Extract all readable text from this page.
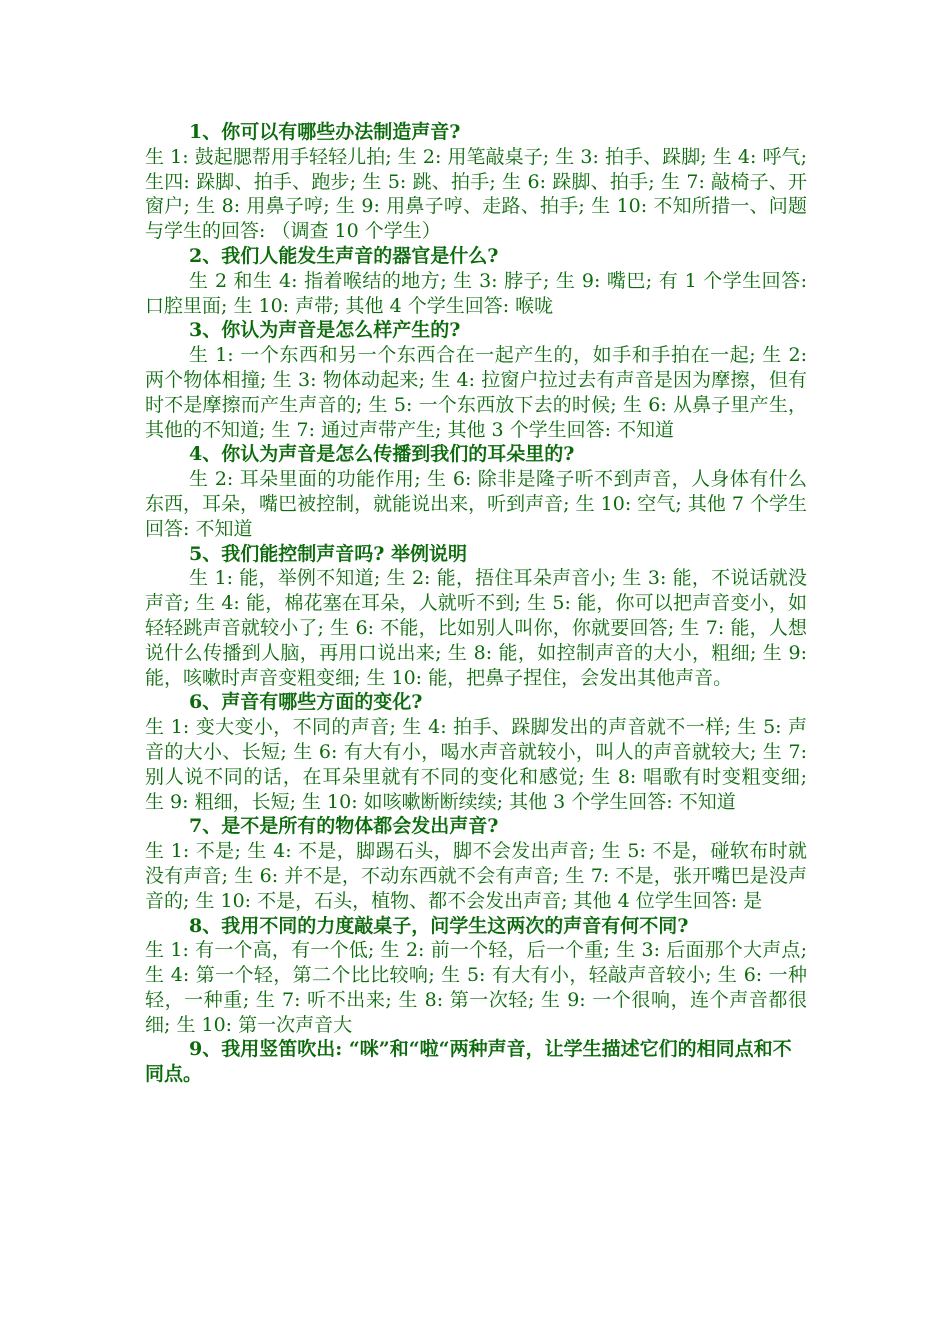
1、你可以有哪些办法制造声音?

生 1: 鼓起腮帮用手轻轻儿拍; 生 2: 用笔敲桌子; 生 3: 拍手、跺脚; 生 4: 呼气; 生四: 跺脚、拍手、跑步; 生 5: 跳、拍手; 生 6: 跺脚、拍手; 生 7: 敲椅子、开窗户; 生 8: 用鼻子哼; 生 9: 用鼻子哼、走路、拍手; 生 10: 不知所措一、问题与学生的回答: （调查 10 个学生）

2、我们人能发生声音的器官是什么?

生 2 和生 4: 指着喉结的地方; 生 3: 脖子; 生 9: 嘴巴; 有 1 个学生回答: 口腔里面; 生 10: 声带; 其他 4 个学生回答: 喉咙

3、你认为声音是怎么样产生的?

生 1: 一个东西和另一个东西合在一起产生的，如手和手拍在一起; 生 2: 两个物体相撞; 生 3: 物体动起来; 生 4: 拉窗户拉过去有声音是因为摩擦，但有时不是摩擦而产生声音的; 生 5: 一个东西放下去的时候; 生 6: 从鼻子里产生，其他的不知道; 生 7: 通过声带产生; 其他 3 个学生回答: 不知道

4、你认为声音是怎么传播到我们的耳朵里的?

生 2: 耳朵里面的功能作用; 生 6: 除非是隆子听不到声音，人身体有什么东西，耳朵，嘴巴被控制，就能说出来，听到声音; 生 10: 空气; 其他 7 个学生回答: 不知道

5、我们能控制声音吗? 举例说明

生 1: 能，举例不知道; 生 2: 能，捂住耳朵声音小; 生 3: 能，不说话就没声音; 生 4: 能，棉花塞在耳朵，人就听不到; 生 5: 能，你可以把声音变小，如轻轻跳声音就较小了; 生 6: 不能，比如别人叫你，你就要回答; 生 7: 能，人想说什么传播到人脑，再用口说出来; 生 8: 能，如控制声音的大小，粗细; 生 9: 能，咳嗽时声音变粗变细; 生 10: 能，把鼻子捏住，会发出其他声音。

6、声音有哪些方面的变化?

生 1: 变大变小，不同的声音; 生 4: 拍手、跺脚发出的声音就不一样; 生 5: 声音的大小、长短; 生 6: 有大有小，喝水声音就较小，叫人的声音就较大; 生 7: 别人说不同的话，在耳朵里就有不同的变化和感觉; 生 8: 唱歌有时变粗变细; 生 9: 粗细，长短; 生 10: 如咳嗽断断续续; 其他 3 个学生回答: 不知道

7、是不是所有的物体都会发出声音?

生 1: 不是; 生 4: 不是，脚踢石头，脚不会发出声音; 生 5: 不是，碰软布时就没有声音; 生 6: 并不是，不动东西就不会有声音; 生 7: 不是，张开嘴巴是没声音的; 生 10: 不是，石头，植物、都不会发出声音; 其他 4 位学生回答: 是

8、我用不同的力度敲桌子，问学生这两次的声音有何不同?

生 1: 有一个高，有一个低; 生 2: 前一个轻，后一个重; 生 3: 后面那个大声点; 生 4: 第一个轻，第二个比比较响; 生 5: 有大有小，轻敲声音较小; 生 6: 一种轻，一种重; 生 7: 听不出来; 生 8: 第一次轻; 生 9: 一个很响，连个声音都很细; 生 10: 第一次声音大

9、我用竖笛吹出: “咪”和“啦“两种声音，让学生描述它们的相同点和不同点。
